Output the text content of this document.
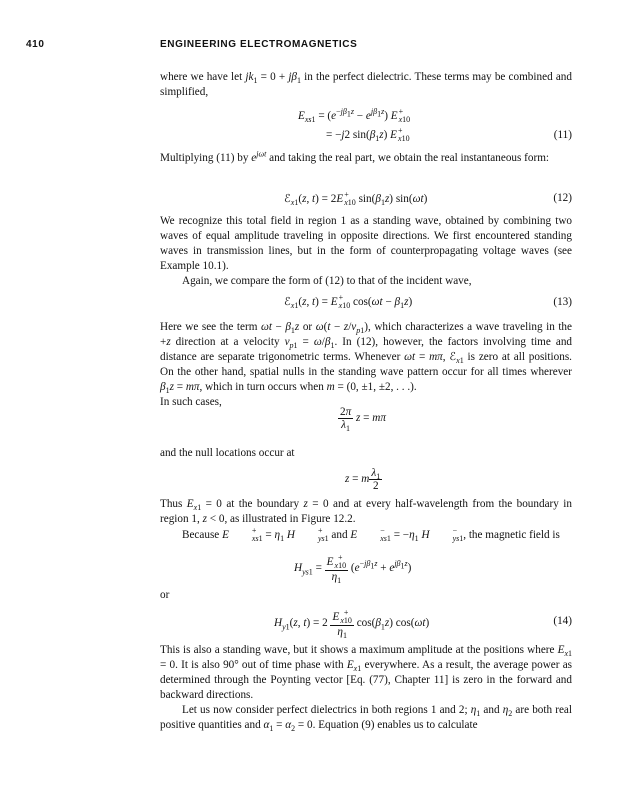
410	ENGINEERING ELECTROMAGNETICS

where we have let $jk_1 = 0 + j\beta_1$ in the perfect dielectric. These terms may be combined and simplified,

$E_{xs1} = (e^{-j\beta_1z} - e^{j\beta_1z}) E$ +
x10
= −j2 $\sin(\beta_1z) E$ +
x10	(11)

Multiplying (11) by $e^{j\omega t}$ and taking the real part, we obtain the real instantaneous form:

ℰ$_{x1}$(z, t) = 2E +
x10 $\sin(\beta_1z)$ sin(ωt)	(12)

We recognize this total field in region 1 as a standing wave, obtained by combining two waves of equal amplitude traveling in opposite directions. We first encountered standing waves in transmission lines, but in the form of counterpropagating voltage waves (see Example 10.1).

Again, we compare the form of (12) to that of the incident wave,

ℰ$_{x1}$(z, t) = E +
x10 $\cos(\omega t - \beta_1z)$	(13)

Here we see the term $\omega t - \beta_1z$ or $\omega(t - z/v_{p1})$, which characterizes a wave traveling in the +z direction at a velocity $v_{p1} = \omega/\beta_1$. In (12), however, the factors involving time and distance are separate trigonometric terms. Whenever ωt = mπ, ℰ$_{x1}$ is zero at all positions. On the other hand, spatial nulls in the standing wave pattern occur for all times wherever $\beta_1z = m\pi$, which in turn occurs when m = (0, ±1, ±2, . . .).

In such cases,

$\frac{2\pi}{\lambda_1}$ z = mπ
and the null locations occur at
z = m $\frac{\lambda_1}{2}$

Thus $E_{x1} = 0$ at the boundary z = 0 and at every half-wavelength from the boundary in region 1, z < 0, as illustrated in Figure 12.2.

Because E	+
$xs1 = \eta_1$ H	+
ys1 and E	−
$xs1 = -\eta_1$ H	−
ys1 , the magnetic field is

$H_{ys1} = E$ +
x10
$\eta_1$ $(e^{-j\beta_1z} + e^{j\beta_1z})$
or
$H_{y1}(z$, t) = 2 E +
x10
$\eta_1$ $\cos(\beta_1z)$ cos(ωt)	(14)

This is also a standing wave, but it shows a maximum amplitude at the positions where $E_{x1} = 0$. It is also 90° out of time phase with $E_{x1}$ everywhere. As a result, the average power as determined through the Poynting vector [Eq. (77), Chapter 11] is zero in the forward and backward directions.

Let us now consider perfect dielectrics in both regions 1 and 2; $\eta_1$ and $\eta_2$ are both real positive quantities and $\alpha_1 = \alpha_2 = 0$. Equation (9) enables us to calculate
